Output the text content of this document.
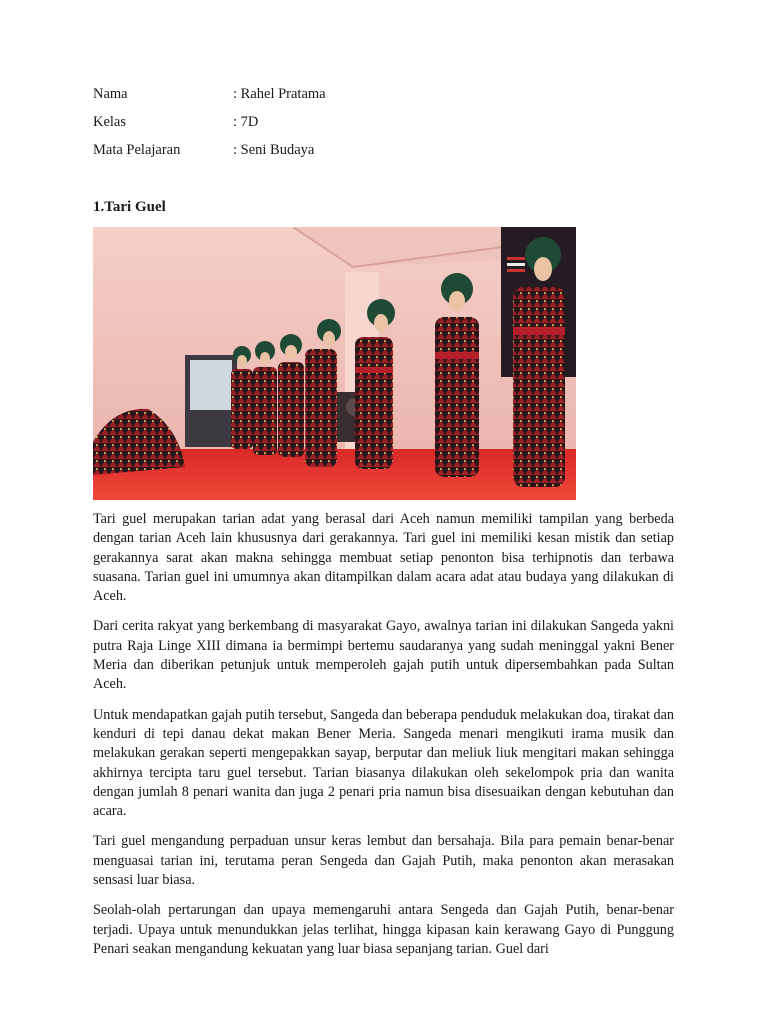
Nama	: Rahel Pratama
Kelas	: 7D
Mata Pelajaran	: Seni Budaya
1.Tari Guel

Tari guel merupakan tarian adat yang berasal dari Aceh namun memiliki tampilan yang berbeda dengan tarian Aceh lain khususnya dari gerakannya. Tari guel ini memiliki kesan mistik dan setiap gerakannya sarat akan makna sehingga membuat setiap penonton bisa terhipnotis dan terbawa suasana. Tarian guel ini umumnya akan ditampilkan dalam acara adat atau budaya yang dilakukan di Aceh.

Dari cerita rakyat yang berkembang di masyarakat Gayo, awalnya tarian ini dilakukan Sangeda yakni putra Raja Linge XIII dimana ia bermimpi bertemu saudaranya yang sudah meninggal yakni Bener Meria dan diberikan petunjuk untuk memperoleh gajah putih untuk dipersembahkan pada Sultan Aceh.

Untuk mendapatkan gajah putih tersebut, Sangeda dan beberapa penduduk melakukan doa, tirakat dan kenduri di tepi danau dekat makan Bener Meria. Sangeda menari mengikuti irama musik dan melakukan gerakan seperti mengepakkan sayap, berputar dan meliuk liuk mengitari makan sehingga akhirnya tercipta taru guel tersebut. Tarian biasanya dilakukan oleh sekelompok pria dan wanita dengan jumlah 8 penari wanita dan juga 2 penari pria namun bisa disesuaikan dengan kebutuhan dan acara.

Tari guel mengandung perpaduan unsur keras lembut dan bersahaja. Bila para pemain benar-benar menguasai tarian ini, terutama peran Sengeda dan Gajah Putih, maka penonton akan merasakan sensasi luar biasa.

Seolah-olah pertarungan dan upaya memengaruhi antara Sengeda dan Gajah Putih, benar-benar terjadi. Upaya untuk menundukkan jelas terlihat, hingga kipasan kain kerawang Gayo di Punggung Penari seakan mengandung kekuatan yang luar biasa sepanjang tarian. Guel dari
